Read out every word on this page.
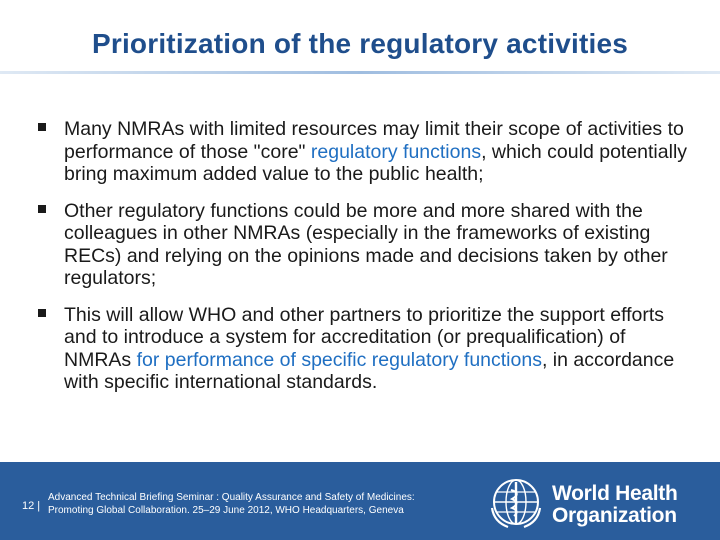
Prioritization of the regulatory activities
Many NMRAs with limited resources may limit their scope of activities to performance of those "core" regulatory functions, which could potentially bring maximum added value to the public health;
Other regulatory functions could be more and more shared with the colleagues in other NMRAs (especially in the frameworks of existing RECs) and relying on the opinions made and decisions taken by other regulators;
This will allow WHO and other partners to prioritize the support efforts and to introduce a system for accreditation (or prequalification) of NMRAs for performance of specific regulatory functions, in accordance with specific international standards.
12 |
Advanced Technical Briefing Seminar : Quality Assurance and Safety of Medicines: Promoting Global Collaboration. 25–29 June 2012, WHO Headquarters, Geneva
World Health
Organization
